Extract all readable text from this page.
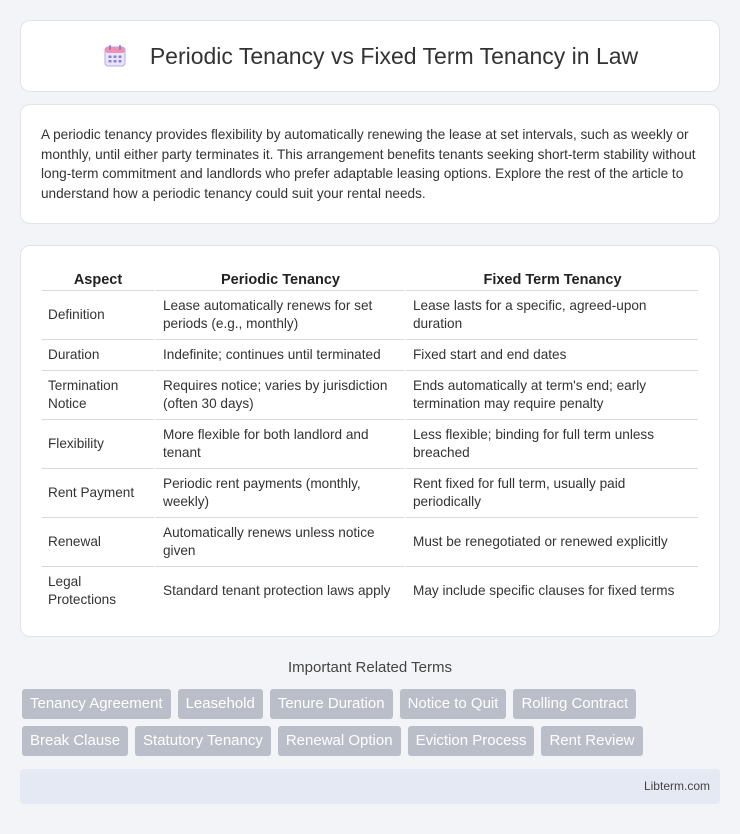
Periodic Tenancy vs Fixed Term Tenancy in Law

A periodic tenancy provides flexibility by automatically renewing the lease at set intervals, such as weekly or monthly, until either party terminates it. This arrangement benefits tenants seeking short-term stability without long-term commitment and landlords who prefer adaptable leasing options. Explore the rest of the article to understand how a periodic tenancy could suit your rental needs.

Aspect	Periodic Tenancy	Fixed Term Tenancy
Definition	Lease automatically renews for set periods (e.g., monthly)	Lease lasts for a specific, agreed-upon duration
Duration	Indefinite; continues until terminated	Fixed start and end dates
Termination Notice	Requires notice; varies by jurisdiction (often 30 days)	Ends automatically at term's end; early termination may require penalty
Flexibility	More flexible for both landlord and tenant	Less flexible; binding for full term unless breached
Rent Payment	Periodic rent payments (monthly, weekly)	Rent fixed for full term, usually paid periodically
Renewal	Automatically renews unless notice given	Must be renegotiated or renewed explicitly
Legal Protections	Standard tenant protection laws apply	May include specific clauses for fixed terms
Important Related Terms
Tenancy Agreement	Leasehold	Tenure Duration	Notice to Quit	Rolling Contract
Break Clause	Statutory Tenancy	Renewal Option	Eviction Process	Rent Review
Libterm.com
